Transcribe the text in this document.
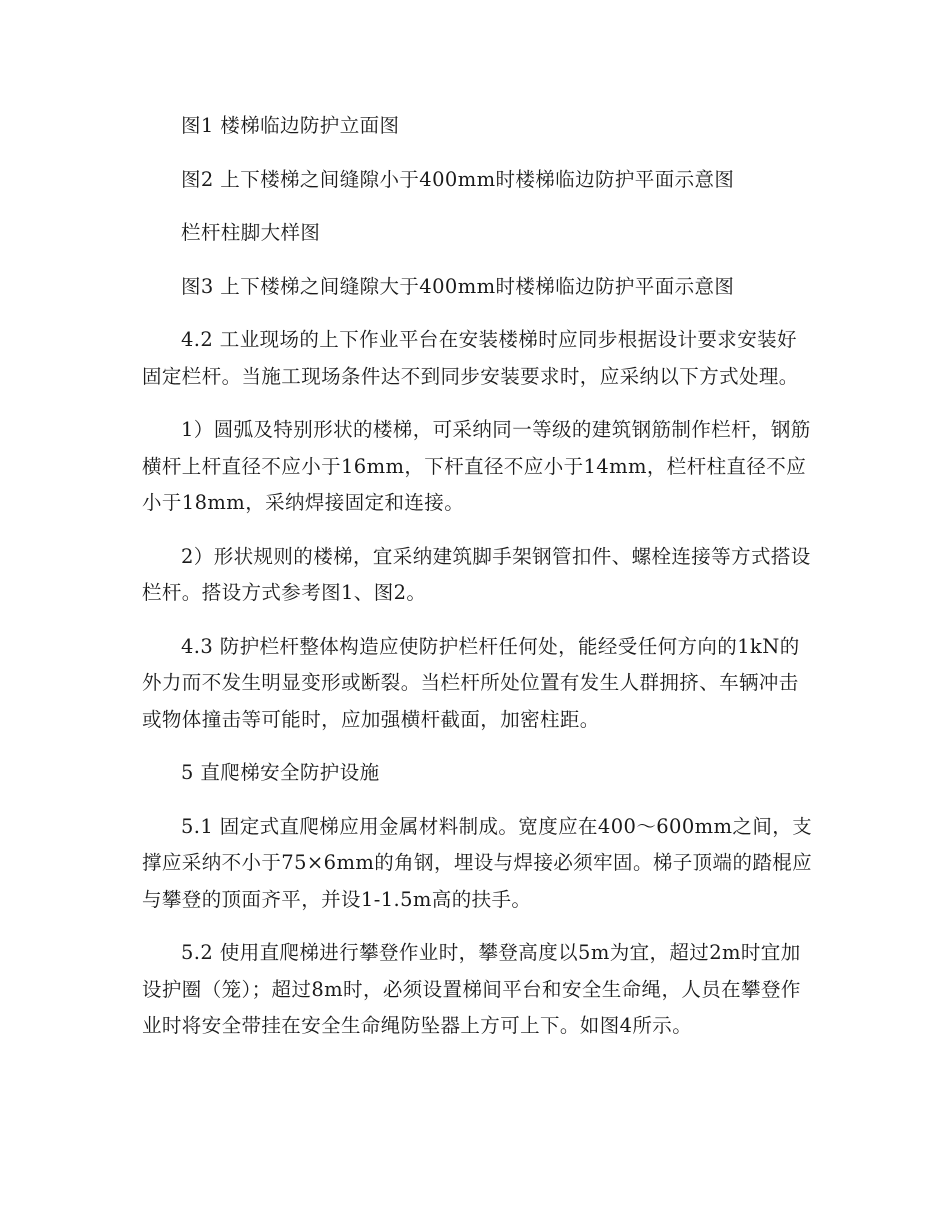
图1 楼梯临边防护立面图

图2 上下楼梯之间缝隙小于400mm时楼梯临边防护平面示意图

栏杆柱脚大样图

图3 上下楼梯之间缝隙大于400mm时楼梯临边防护平面示意图

4.2 工业现场的上下作业平台在安装楼梯时应同步根据设计要求安装好固定栏杆。当施工现场条件达不到同步安装要求时，应采纳以下方式处理。

1）圆弧及特别形状的楼梯，可采纳同一等级的建筑钢筋制作栏杆，钢筋横杆上杆直径不应小于16mm，下杆直径不应小于14mm，栏杆柱直径不应小于18mm，采纳焊接固定和连接。

2）形状规则的楼梯，宜采纳建筑脚手架钢管扣件、螺栓连接等方式搭设栏杆。搭设方式参考图1、图2。

4.3 防护栏杆整体构造应使防护栏杆任何处，能经受任何方向的1kN的外力而不发生明显变形或断裂。当栏杆所处位置有发生人群拥挤、车辆冲击或物体撞击等可能时，应加强横杆截面，加密柱距。

5 直爬梯安全防护设施

5.1 固定式直爬梯应用金属材料制成。宽度应在400～600mm之间，支撑应采纳不小于75×6mm的角钢，埋设与焊接必须牢固。梯子顶端的踏棍应与攀登的顶面齐平，并设1-1.5m高的扶手。

5.2 使用直爬梯进行攀登作业时，攀登高度以5m为宜，超过2m时宜加设护圈（笼）；超过8m时，必须设置梯间平台和安全生命绳，人员在攀登作业时将安全带挂在安全生命绳防坠器上方可上下。如图4所示。
